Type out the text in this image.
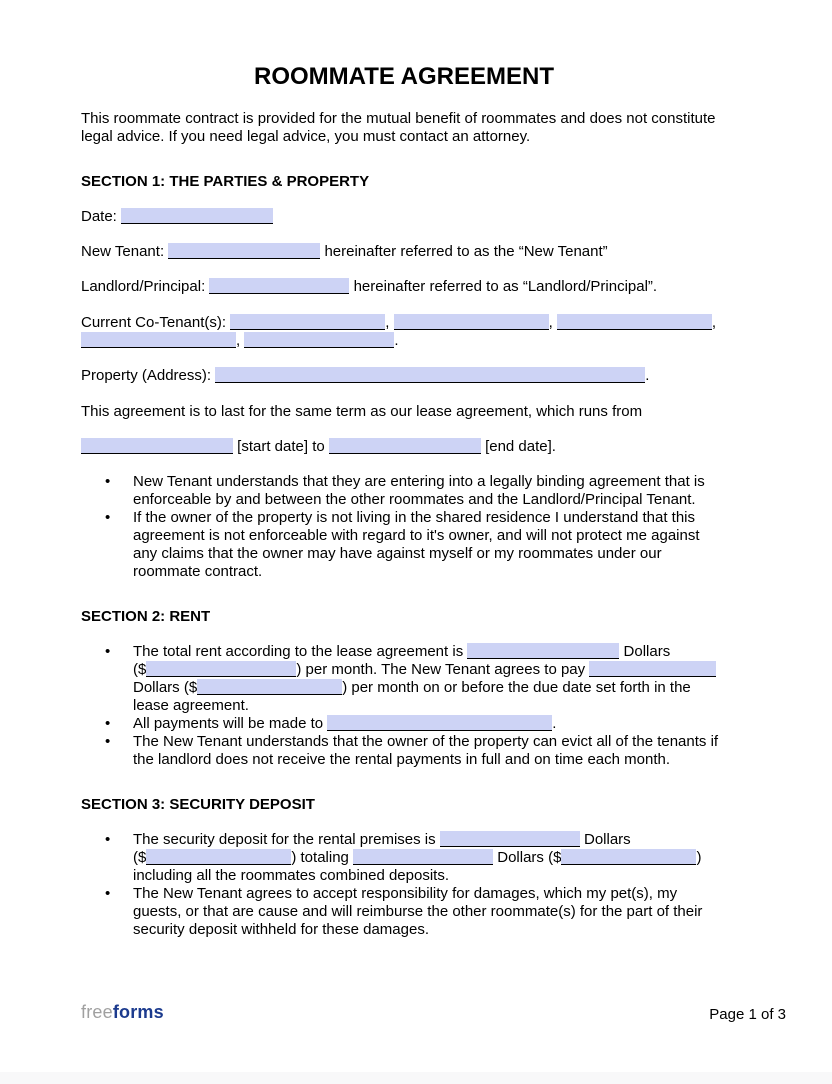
ROOMMATE AGREEMENT
This roommate contract is provided for the mutual benefit of roommates and does not constitute legal advice. If you need legal advice, you must contact an attorney.
SECTION 1: THE PARTIES & PROPERTY
Date:
New Tenant:	hereinafter referred to as the “New Tenant”
Landlord/Principal:	hereinafter referred to as “Landlord/Principal”.
Current Co-Tenant(s):	,	,	, ,	.
Property (Address):	.
This agreement is to last for the same term as our lease agreement, which runs from
[start date] to	[end date].
•	New Tenant understands that they are entering into a legally binding agreement that is enforceable by and between the other roommates and the Landlord/Principal Tenant.
•	If the owner of the property is not living in the shared residence I understand that this agreement is not enforceable with regard to it's owner, and will not protect me against any claims that the owner may have against myself or my roommates under our roommate contract.
SECTION 2: RENT
•	The total rent according to the lease agreement is	Dollars ($	) per month. The New Tenant agrees to pay  Dollars ($	) per month on or before the due date set forth in the lease agreement.
•	All payments will be made to	.
•	The New Tenant understands that the owner of the property can evict all of the tenants if the landlord does not receive the rental payments in full and on time each month.
SECTION 3: SECURITY DEPOSIT
•	The security deposit for the rental premises is	Dollars ($	) totaling	Dollars ($	) including all the roommates combined deposits.
•	The New Tenant agrees to accept responsibility for damages, which my pet(s), my guests, or that are cause and will reimburse the other roommate(s) for the part of their security deposit withheld for these damages.
freeforms	Page 1 of 3
